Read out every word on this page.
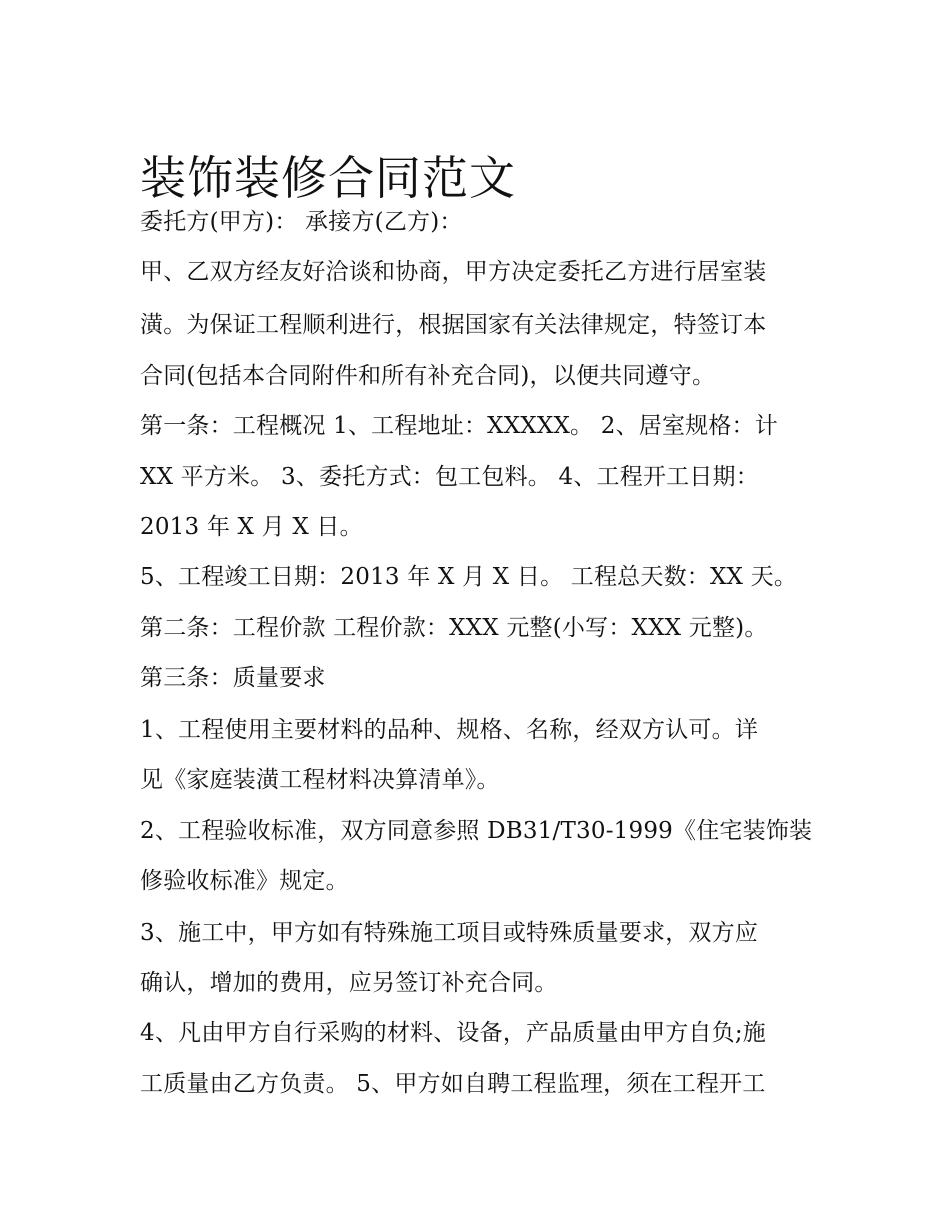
装饰装修合同范文
委托方(甲方)： 承接方(乙方)：
甲、乙双方经友好洽谈和协商，甲方决定委托乙方进行居室装
潢。为保证工程顺利进行，根据国家有关法律规定，特签订本
合同(包括本合同附件和所有补充合同)，以便共同遵守。
第一条：工程概况 1、工程地址：XXXXX。 2、居室规格：计
XX 平方米。 3、委托方式：包工包料。 4、工程开工日期：
2013 年 X 月 X 日。
5、工程竣工日期：2013 年 X 月 X 日。 工程总天数：XX 天。
第二条：工程价款 工程价款：XXX 元整(小写：XXX 元整)。
第三条：质量要求
1、工程使用主要材料的品种、规格、名称，经双方认可。详
见《家庭装潢工程材料决算清单》。
2、工程验收标准，双方同意参照 DB31/T30-1999《住宅装饰装
修验收标准》规定。
3、施工中，甲方如有特殊施工项目或特殊质量要求，双方应
确认，增加的费用，应另签订补充合同。
4、凡由甲方自行采购的材料、设备，产品质量由甲方自负;施
工质量由乙方负责。 5、甲方如自聘工程监理，须在工程开工
